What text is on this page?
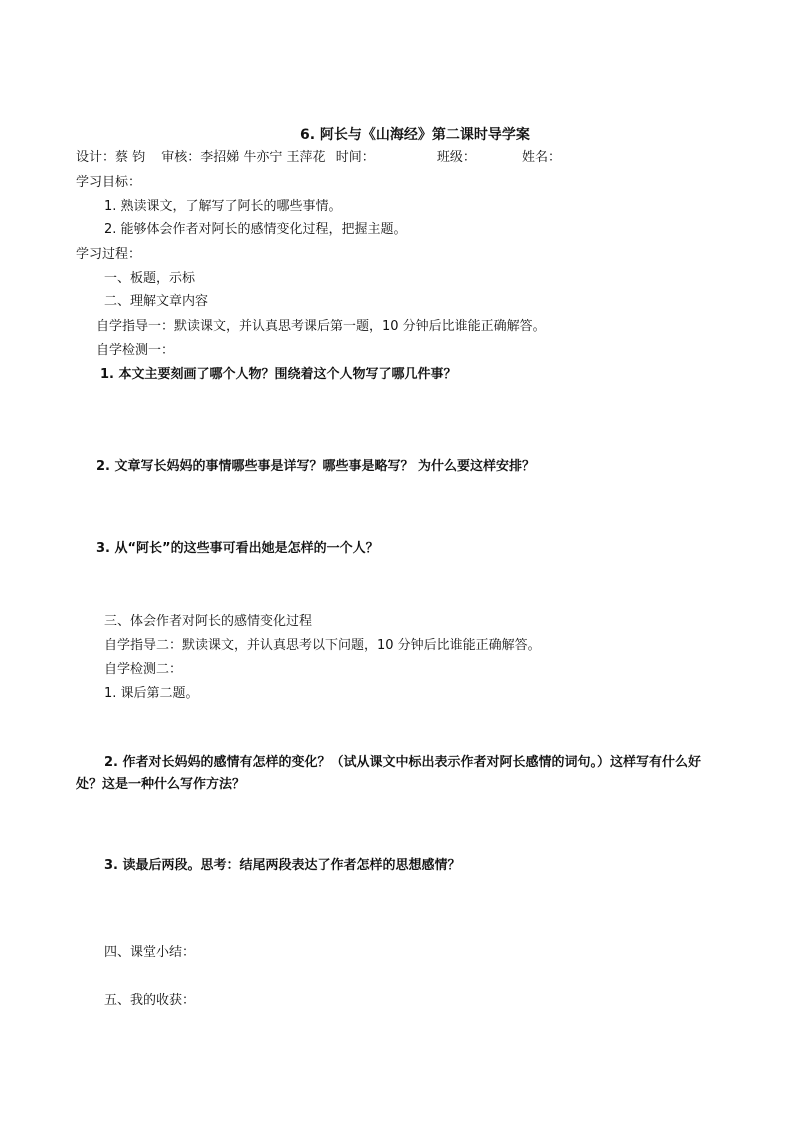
6. 阿长与《山海经》第二课时导学案
设计：蔡 钧 审核：李招娣 牛亦宁 王萍花 时间：	班级：	姓名：
学习目标：
1. 熟读课文，了解写了阿长的哪些事情。
2. 能够体会作者对阿长的感情变化过程，把握主题。
学习过程：
一、板题，示标
二、理解文章内容
自学指导一：默读课文，并认真思考课后第一题，10 分钟后比谁能正确解答。
自学检测一：
1. 本文主要刻画了哪个人物？围绕着这个人物写了哪几件事？
2. 文章写长妈妈的事情哪些事是详写？哪些事是略写？ 为什么要这样安排？
3. 从“阿长”的这些事可看出她是怎样的一个人？
三、体会作者对阿长的感情变化过程
自学指导二：默读课文，并认真思考以下问题，10 分钟后比谁能正确解答。
自学检测二：
1. 课后第二题。
2. 作者对长妈妈的感情有怎样的变化？（试从课文中标出表示作者对阿长感情的词句。）这样写有什么好处？这是一种什么写作方法？
3. 读最后两段。思考：结尾两段表达了作者怎样的思想感情？
四、课堂小结：
五、我的收获：
